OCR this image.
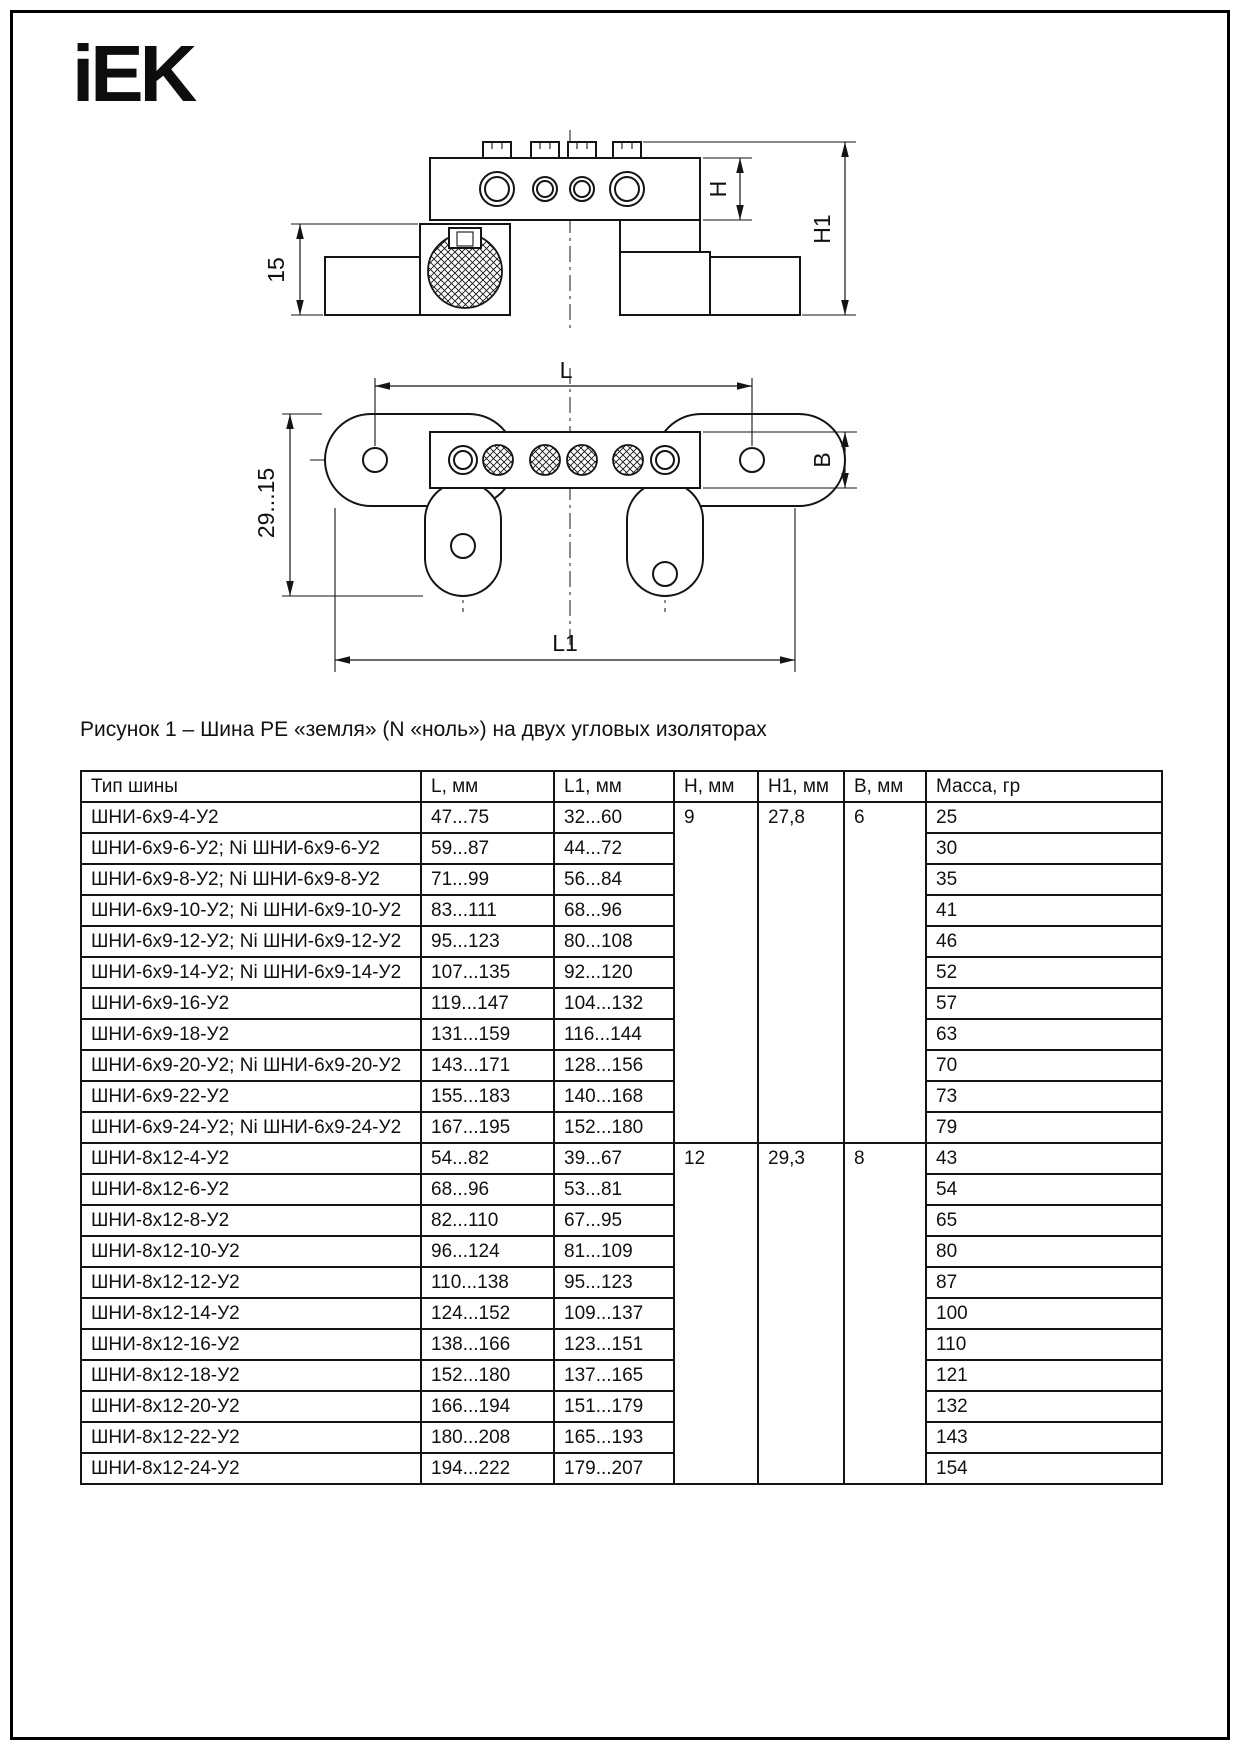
iEK
15
H
H1
L
L1
29...15
B
Рисунок 1 – Шина PE «земля» (N «ноль») на двух угловых изоляторах
Тип шины	L, мм	L1, мм	H, мм	H1, мм	B, мм	Масса, гр
ШНИ-6x9-4-У2	47...75	32...60	9	27,8	6	25
ШНИ-6x9-6-У2; Ni ШНИ-6x9-6-У2	59...87	44...72				30
ШНИ-6x9-8-У2; Ni ШНИ-6x9-8-У2	71...99	56...84				35
ШНИ-6x9-10-У2; Ni ШНИ-6x9-10-У2	83...111	68...96				41
ШНИ-6x9-12-У2; Ni ШНИ-6x9-12-У2	95...123	80...108				46
ШНИ-6x9-14-У2; Ni ШНИ-6x9-14-У2	107...135	92...120				52
ШНИ-6x9-16-У2	119...147	104...132				57
ШНИ-6x9-18-У2	131...159	116...144				63
ШНИ-6x9-20-У2; Ni ШНИ-6x9-20-У2	143...171	128...156				70
ШНИ-6x9-22-У2	155...183	140...168				73
ШНИ-6x9-24-У2; Ni ШНИ-6x9-24-У2	167...195	152...180				79
ШНИ-8x12-4-У2	54...82	39...67	12	29,3	8	43
ШНИ-8x12-6-У2	68...96	53...81				54
ШНИ-8x12-8-У2	82...110	67...95				65
ШНИ-8x12-10-У2	96...124	81...109				80
ШНИ-8x12-12-У2	110...138	95...123				87
ШНИ-8x12-14-У2	124...152	109...137				100
ШНИ-8x12-16-У2	138...166	123...151				110
ШНИ-8x12-18-У2	152...180	137...165				121
ШНИ-8x12-20-У2	166...194	151...179				132
ШНИ-8x12-22-У2	180...208	165...193				143
ШНИ-8x12-24-У2	194...222	179...207				154
